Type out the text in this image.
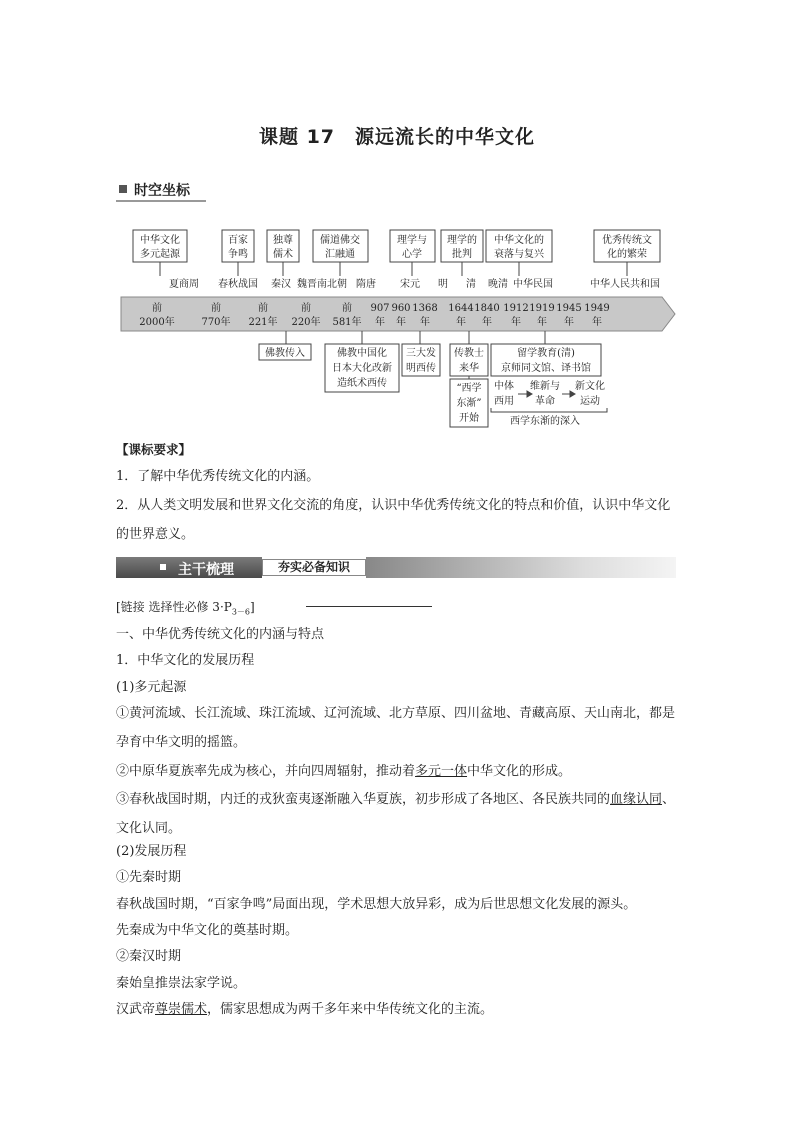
课题 17　源远流长的中华文化
时空坐标
中华文化
多元起源
百家
争鸣
独尊
儒术
儒道佛交
汇融通
理学与
心学
理学的
批判
中华文化的
衰落与复兴
优秀传统文
化的繁荣
夏商周 春秋战国 秦汉 魏晋南北朝 隋唐 宋元 明 清 晚清 中华民国	中华人民共和国
前
2000年
前
770年
前
221年
前
220年
前
581年
907
年
960
年
1368
年
1644
年
1840
年
1912
年
1919
年
1945
年
1949
年
佛教传入	佛教中国化
日本大化改新
造纸术西传
三大发
明西传
传教士
来华
“西学
东渐”
开始
留学教育(清)
京师同文馆、译书馆
中体
西用
维新与
革命
新文化
运动
西学东渐的深入
【课标要求】
1．了解中华优秀传统文化的内涵。
2．从人类文明发展和世界文化交流的角度，认识中华优秀传统文化的特点和价值，认识中华文化的世界意义。
主干梳理	夯实必备知识
[链接 选择性必修 $3\cdot P_{3-6}$]
一、中华优秀传统文化的内涵与特点
1．中华文化的发展历程
(1)多元起源
①黄河流域、长江流域、珠江流域、辽河流域、北方草原、四川盆地、青藏高原、天山南北，都是孕育中华文明的摇篮。
②中原华夏族率先成为核心，并向四周辐射，推动着多元一体中华文化的形成。
③春秋战国时期，内迁的戎狄蛮夷逐渐融入华夏族，初步形成了各地区、各民族共同的血缘认同、文化认同。
(2)发展历程
①先秦时期
春秋战国时期，“百家争鸣”局面出现，学术思想大放异彩，成为后世思想文化发展的源头。
先秦成为中华文化的奠基时期。
②秦汉时期
秦始皇推崇法家学说。
汉武帝尊崇儒术，儒家思想成为两千多年来中华传统文化的主流。
